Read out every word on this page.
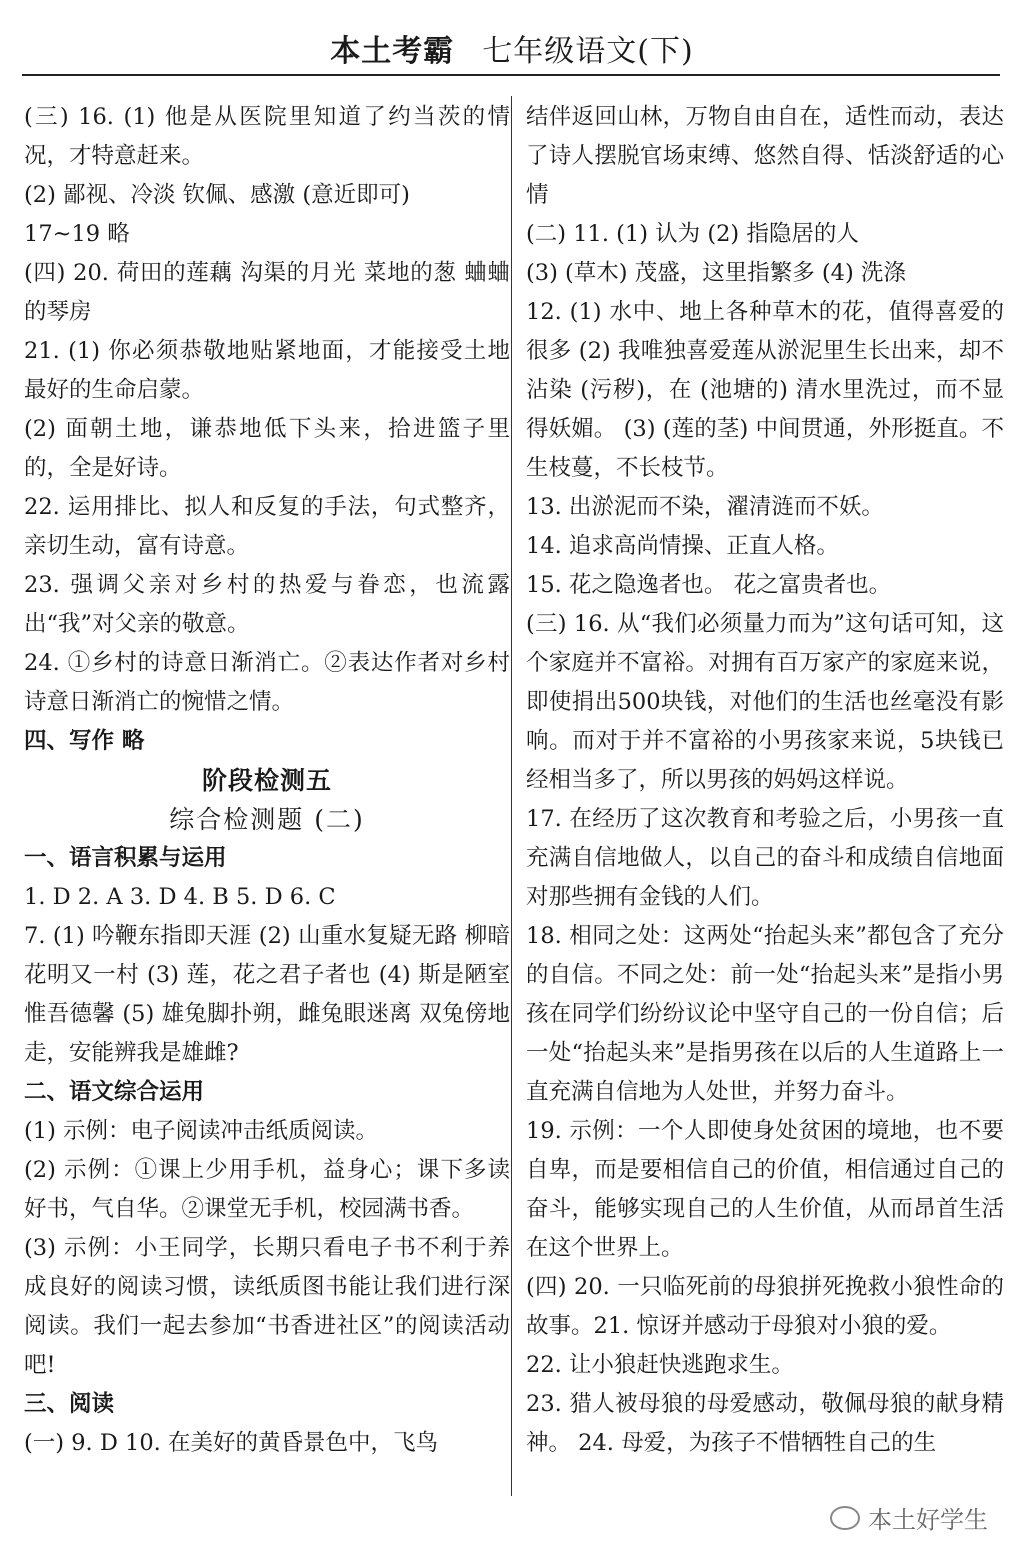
本土考霸 七年级语文(下)
(三) 16. (1) 他是从医院里知道了约当茨的情况，才特意赶来。
(2) 鄙视、冷淡 钦佩、感激 (意近即可)
17~19 略
(四) 20. 荷田的莲藕 沟渠的月光 菜地的葱 蛐蛐的琴房
21. (1) 你必须恭敬地贴紧地面，才能接受土地最好的生命启蒙。
(2) 面朝土地，谦恭地低下头来，拾进篮子里的，全是好诗。
22. 运用排比、拟人和反复的手法，句式整齐，亲切生动，富有诗意。
23. 强调父亲对乡村的热爱与眷恋，也流露出“我”对父亲的敬意。
24. ①乡村的诗意日渐消亡。②表达作者对乡村诗意日渐消亡的惋惜之情。
四、写作 略
阶段检测五
综合检测题 (二)
一、语言积累与运用
1. D 2. A 3. D 4. B 5. D 6. C
7. (1) 吟鞭东指即天涯 (2) 山重水复疑无路 柳暗花明又一村 (3) 莲，花之君子者也 (4) 斯是陋室 惟吾德馨 (5) 雄兔脚扑朔，雌兔眼迷离 双兔傍地走，安能辨我是雄雌?
二、语文综合运用
(1) 示例：电子阅读冲击纸质阅读。
(2) 示例：①课上少用手机，益身心；课下多读好书，气自华。②课堂无手机，校园满书香。
(3) 示例：小王同学，长期只看电子书不利于养成良好的阅读习惯，读纸质图书能让我们进行深阅读。我们一起去参加“书香进社区”的阅读活动吧!
三、阅读
(一) 9. D 10. 在美好的黄昏景色中，飞鸟
结伴返回山林，万物自由自在，适性而动，表达了诗人摆脱官场束缚、悠然自得、恬淡舒适的心情
(二) 11. (1) 认为 (2) 指隐居的人
(3) (草木) 茂盛，这里指繁多 (4) 洗涤
12. (1) 水中、地上各种草木的花，值得喜爱的很多 (2) 我唯独喜爱莲从淤泥里生长出来，却不沾染 (污秽)，在 (池塘的) 清水里洗过，而不显得妖媚。 (3) (莲的茎) 中间贯通，外形挺直。不生枝蔓，不长枝节。
13. 出淤泥而不染，濯清涟而不妖。
14. 追求高尚情操、正直人格。
15. 花之隐逸者也。 花之富贵者也。
(三) 16. 从“我们必须量力而为”这句话可知，这个家庭并不富裕。对拥有百万家产的家庭来说，即使捐出500块钱，对他们的生活也丝毫没有影响。而对于并不富裕的小男孩家来说，5块钱已经相当多了，所以男孩的妈妈这样说。
17. 在经历了这次教育和考验之后，小男孩一直充满自信地做人，以自己的奋斗和成绩自信地面对那些拥有金钱的人们。
18. 相同之处：这两处“抬起头来”都包含了充分的自信。不同之处：前一处“抬起头来”是指小男孩在同学们纷纷议论中坚守自己的一份自信；后一处“抬起头来”是指男孩在以后的人生道路上一直充满自信地为人处世，并努力奋斗。
19. 示例：一个人即使身处贫困的境地，也不要自卑，而是要相信自己的价值，相信通过自己的奋斗，能够实现自己的人生价值，从而昂首生活在这个世界上。
(四) 20. 一只临死前的母狼拼死挽救小狼性命的故事。21. 惊讶并感动于母狼对小狼的爱。
22. 让小狼赶快逃跑求生。
23. 猎人被母狼的母爱感动，敬佩母狼的献身精神。 24. 母爱，为孩子不惜牺牲自己的生
本土好学生
